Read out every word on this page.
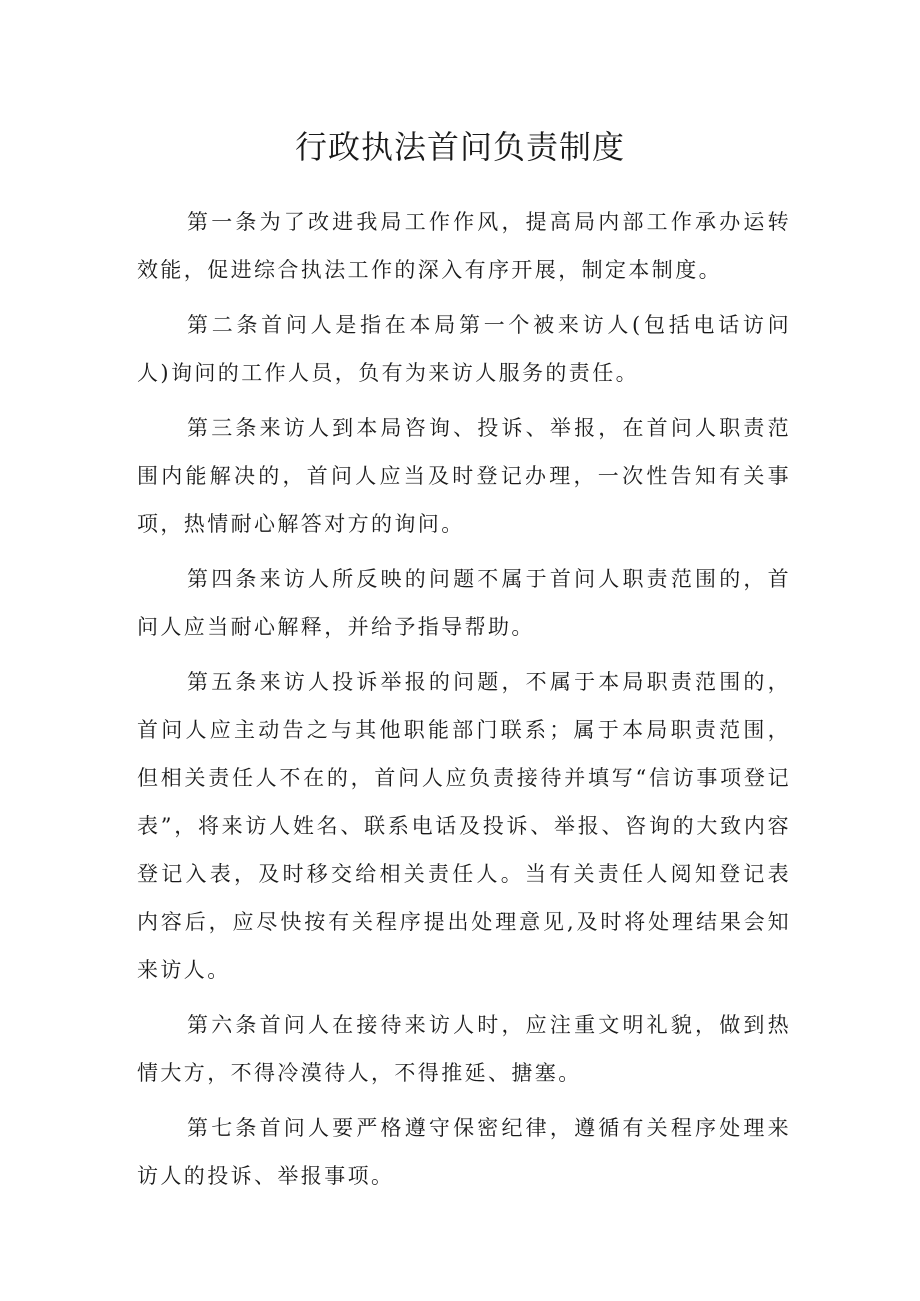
行政执法首问负责制度

第一条为了改进我局工作作风，提高局内部工作承办运转效能，促进综合执法工作的深入有序开展，制定本制度。

第二条首问人是指在本局第一个被来访人(包括电话访问人)询问的工作人员，负有为来访人服务的责任。

第三条来访人到本局咨询、投诉、举报，在首问人职责范围内能解决的，首问人应当及时登记办理，一次性告知有关事项，热情耐心解答对方的询问。

第四条来访人所反映的问题不属于首问人职责范围的，首问人应当耐心解释，并给予指导帮助。

第五条来访人投诉举报的问题，不属于本局职责范围的，首问人应主动告之与其他职能部门联系；属于本局职责范围，但相关责任人不在的，首问人应负责接待并填写“信访事项登记表”，将来访人姓名、联系电话及投诉、举报、咨询的大致内容登记入表，及时移交给相关责任人。当有关责任人阅知登记表内容后，应尽快按有关程序提出处理意见,及时将处理结果会知来访人。

第六条首问人在接待来访人时，应注重文明礼貌，做到热情大方，不得冷漠待人，不得推延、搪塞。

第七条首问人要严格遵守保密纪律，遵循有关程序处理来访人的投诉、举报事项。
